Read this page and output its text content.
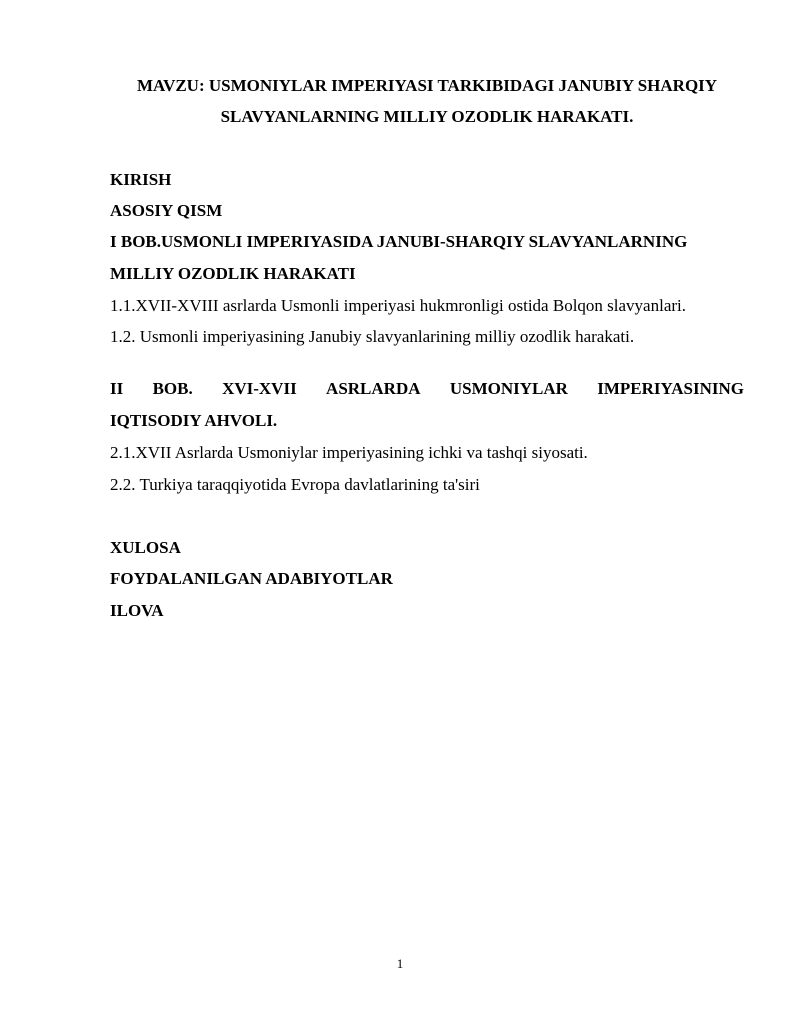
MAVZU: USMONIYLAR IMPERIYASI TARKIBIDAGI JANUBIY SHARQIY
SLAVYANLARNING MILLIY OZODLIK HARAKATI.
KIRISH
ASOSIY QISM
I BOB.USMONLI IMPERIYASIDA JANUBI-SHARQIY SLAVYANLARNING
MILLIY OZODLIK HARAKATI
1.1.XVII-XVIII asrlarda Usmonli imperiyasi hukmronligi ostida Bolqon slavyanlari.
1.2. Usmonli imperiyasining Janubiy slavyanlarining milliy ozodlik harakati.
II BOB. XVI-XVII ASRLARDA USMONIYLAR IMPERIYASINING
IQTISODIY AHVOLI.
2.1.XVII Asrlarda Usmoniylar imperiyasining ichki va tashqi siyosati.
2.2. Turkiya taraqqiyotida Evropa davlatlarining ta'siri
XULOSA
FOYDALANILGAN ADABIYOTLAR
ILOVA
1
